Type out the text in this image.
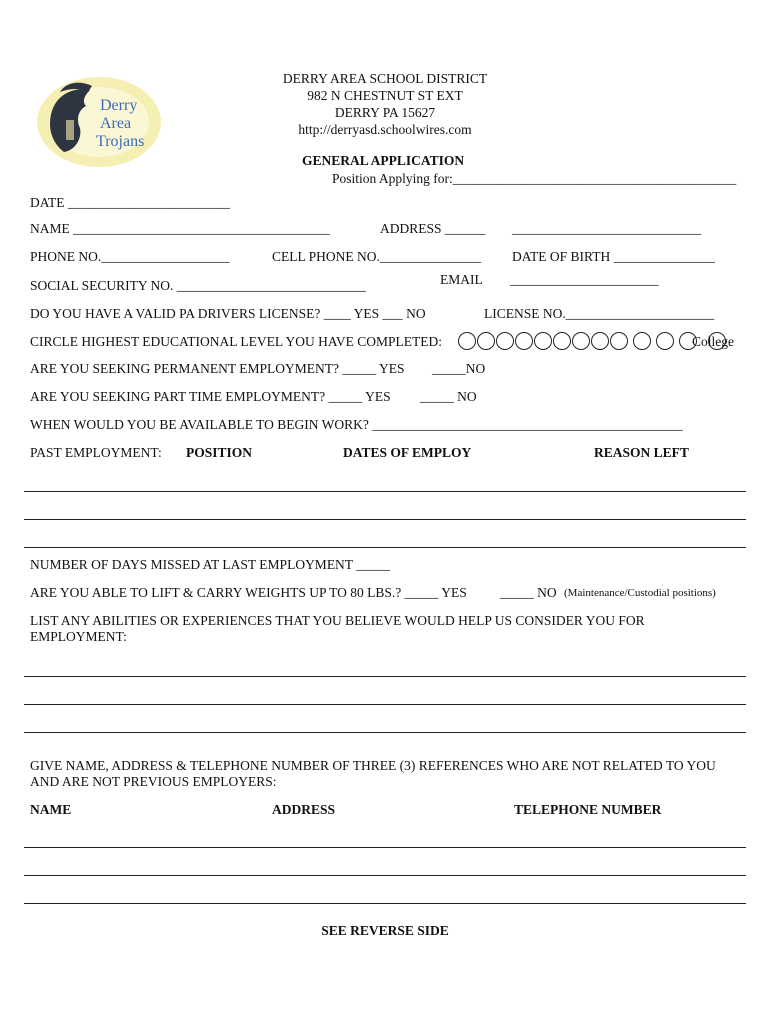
Derry
Area
Trojans
DERRY AREA SCHOOL DISTRICT
982 N CHESTNUT ST EXT
DERRY PA 15627
http://derryasd.schoolwires.com
GENERAL APPLICATION
Position Applying for:__________________________________________
DATE ________________________
NAME ______________________________________	ADDRESS ______ ____________________________
PHONE NO.___________________	CELL PHONE NO._______________ DATE OF BIRTH _______________
EMAIL ______________________
SOCIAL SECURITY NO. ____________________________
DO YOU HAVE A VALID PA DRIVERS LICENSE? ____ YES ___ NO	LICENSE NO.______________________
CIRCLE HIGHEST EDUCATIONAL LEVEL YOU HAVE COMPLETED:	College
ARE YOU SEEKING PERMANENT EMPLOYMENT? _____ YES _____NO
ARE YOU SEEKING PART TIME EMPLOYMENT? _____ YES _____ NO
WHEN WOULD YOU BE AVAILABLE TO BEGIN WORK? ______________________________________________
PAST EMPLOYMENT: POSITION	DATES OF EMPLOY	REASON LEFT
NUMBER OF DAYS MISSED AT LAST EMPLOYMENT _____
ARE YOU ABLE TO LIFT & CARRY WEIGHTS UP TO 80 LBS.? _____ YES _____ NO (Maintenance/Custodial positions)
LIST ANY ABILITIES OR EXPERIENCES THAT YOU BELIEVE WOULD HELP US CONSIDER YOU FOR
EMPLOYMENT:
GIVE NAME, ADDRESS & TELEPHONE NUMBER OF THREE (3) REFERENCES WHO ARE NOT RELATED TO YOU
AND ARE NOT PREVIOUS EMPLOYERS:
NAME	ADDRESS	TELEPHONE NUMBER
SEE REVERSE SIDE
